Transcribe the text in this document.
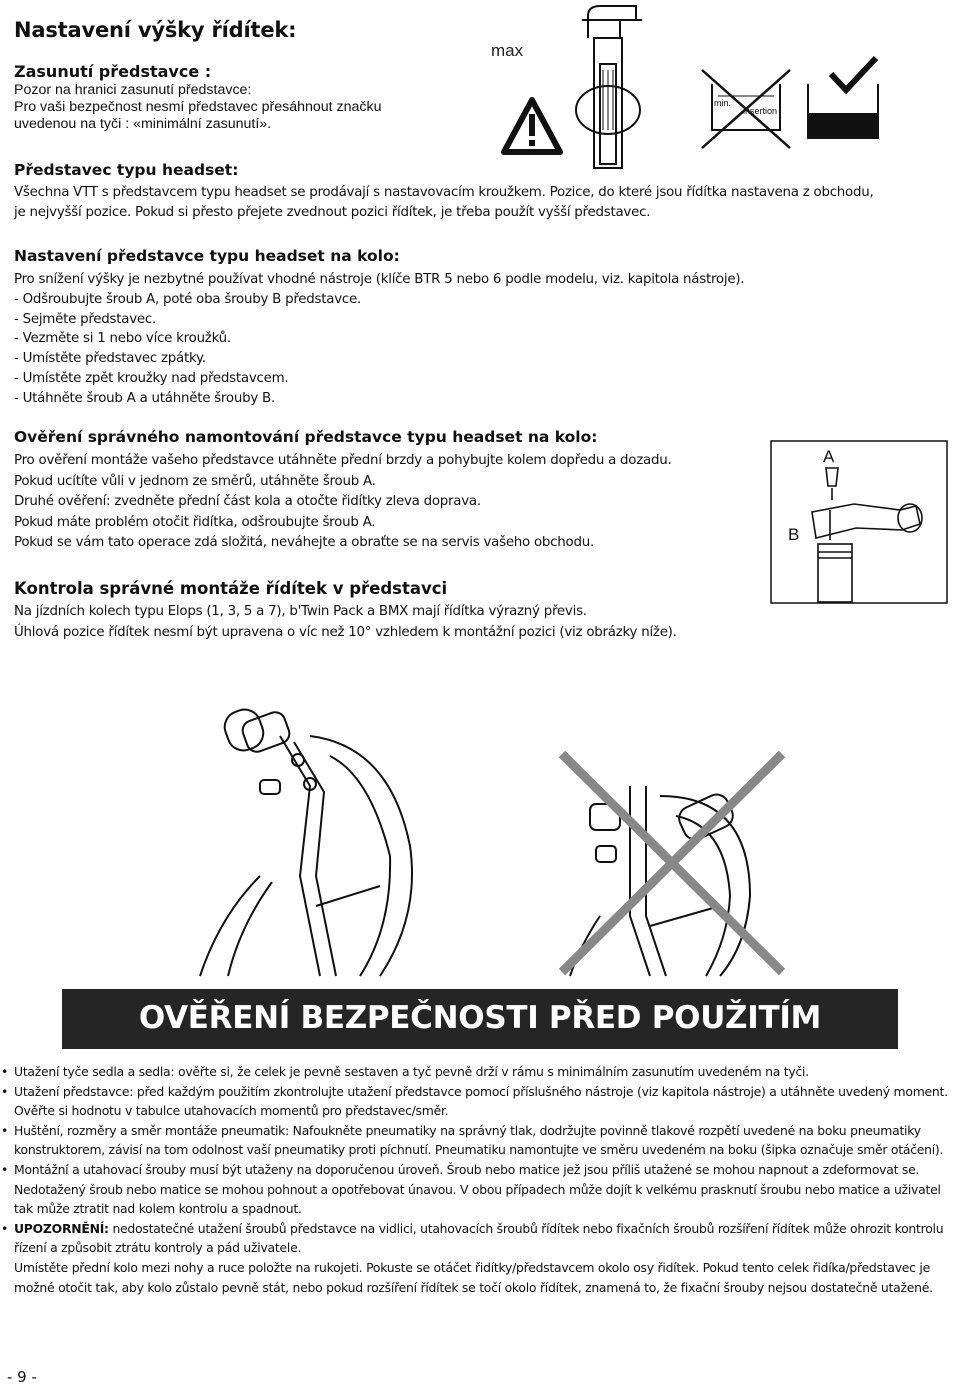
Nastavení výšky řídítek:
Zasunutí představce :
Pozor na hranici zasunutí představce:
Pro vaši bezpečnost nesmí představec přesáhnout značku
uvedenou na tyči : «minimální zasunutí».
max
min.
insertion
Představec typu headset:
Všechna VTT s představcem typu headset se prodávají s nastavovacím kroužkem. Pozice, do které jsou řídítka nastavena z obchodu,
je nejvyšší pozice. Pokud si přesto přejete zvednout pozici řídítek, je třeba použít vyšší představec.
Nastavení představce typu headset na kolo:
Pro snížení výšky je nezbytné používat vhodné nástroje (klíče BTR 5 nebo 6 podle modelu, viz. kapitola nástroje).
- Odšroubujte šroub A, poté oba šrouby B představce.
- Sejměte představec.
- Vezměte si 1 nebo více kroužků.
- Umístěte představec zpátky.
- Umístěte zpět kroužky nad představcem.
- Utáhněte šroub A a utáhněte šrouby B.
Ověření správného namontování představce typu headset na kolo:
Pro ověření montáže vašeho představce utáhněte přední brzdy a pohybujte kolem dopředu a dozadu.
Pokud ucítíte vůli v jednom ze směrů, utáhněte šroub A.
Druhé ověření: zvedněte přední část kola a otočte řidítky zleva doprava.
Pokud máte problém otočit řidítka, odšroubujte šroub A.
Pokud se vám tato operace zdá složitá, neváhejte a obraťte se na servis vašeho obchodu.
A
B
Kontrola správné montáže řídítek v představci
Na jízdních kolech typu Elops (1, 3, 5 a 7), b'Twin Pack a BMX mají řídítka výrazný převis.
Úhlová pozice řídítek nesmí být upravena o víc než 10° vzhledem k montážní pozici (viz obrázky níže).
OVĚŘENÍ BEZPEČNOSTI PŘED POUŽITÍM
• Utažení tyče sedla a sedla: ověřte si, že celek je pevně sestaven a tyč pevně drží v rámu s minimálním zasunutím uvedeném na tyči.
• Utažení představce: před každým použitím zkontrolujte utažení představce pomocí příslušného nástroje (viz kapitola nástroje) a utáhněte uvedený moment. Ověřte si hodnotu v tabulce utahovacích momentů pro představec/směr.
• Huštění, rozměry a směr montáže pneumatik: Nafoukněte pneumatiky na správný tlak, dodržujte povinně tlakové rozpětí uvedené na boku pneumatiky konstruktorem, závisí na tom odolnost vaší pneumatiky proti píchnutí. Pneumatiku namontujte ve směru uvedeném na boku (šipka označuje směr otáčení).
• Montážní a utahovací šrouby musí být utaženy na doporučenou úroveň. Šroub nebo matice jež jsou příliš utažené se mohou napnout a zdeformovat se. Nedotažený šroub nebo matice se mohou pohnout a opotřebovat únavou. V obou případech může dojít k velkému prasknutí šroubu nebo matice a uživatel tak může ztratit nad kolem kontrolu a spadnout.
• UPOZORNĚNÍ: nedostatečné utažení šroubů představce na vidlici, utahovacích šroubů řídítek nebo fixačních šroubů rozšíření řídítek může ohrozit kontrolu řízení a způsobit ztrátu kontroly a pád uživatele.
Umístěte přední kolo mezi nohy a ruce položte na rukojeti. Pokuste se otáčet řidítky/představcem okolo osy řidítek. Pokud tento celek řidíka/představec je možné otočit tak, aby kolo zůstalo pevně stát, nebo pokud rozšíření řídítek se točí okolo řídítek, znamená to, že fixační šrouby nejsou dostatečně utažené.
- 9 -
